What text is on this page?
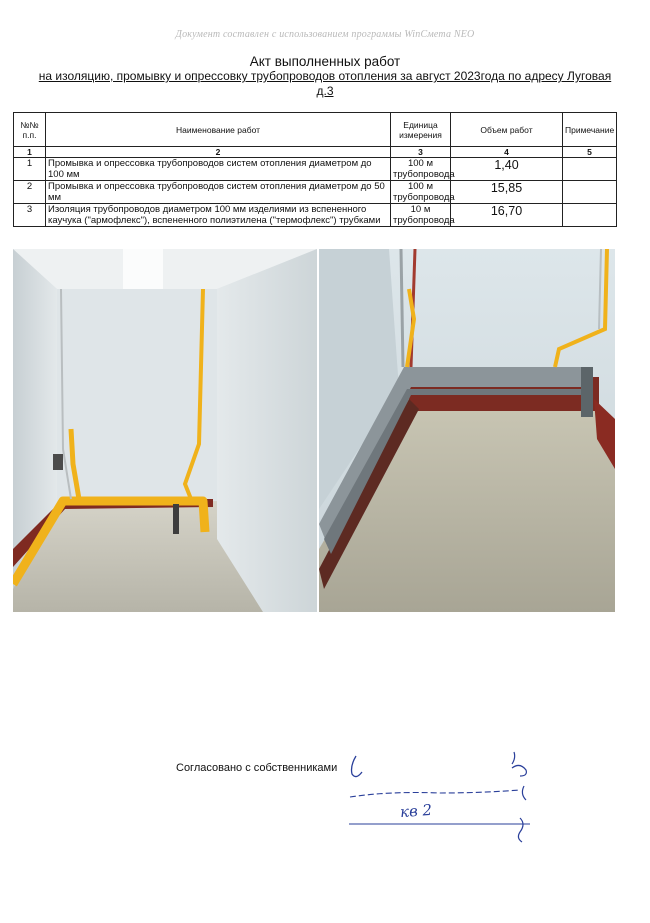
Документ составлен с использованием программы WinСмета NEO
Акт выполненных работ
на изоляцию, промывку и опрессовку трубопроводов отопления за август 2023года по адресу Луговая д.3
№№ п.п.	Наименование работ	Единица измерения	Объем работ	Примечание
1	2	3	4	5
1	Промывка и опрессовка трубопроводов систем отопления диаметром до 100 мм	100 м трубопровода	1,40	
2	Промывка и опрессовка трубопроводов систем отопления диаметром до 50 мм	100 м трубопровода	15,85	
3	Изоляция трубопроводов диаметром 100 мм изделиями из вспененного каучука ("армофлекс"), вспененного полиэтилена ("термофлекс") трубками	10 м трубопровода	16,70	
Согласовано с собственниками
кв 2
